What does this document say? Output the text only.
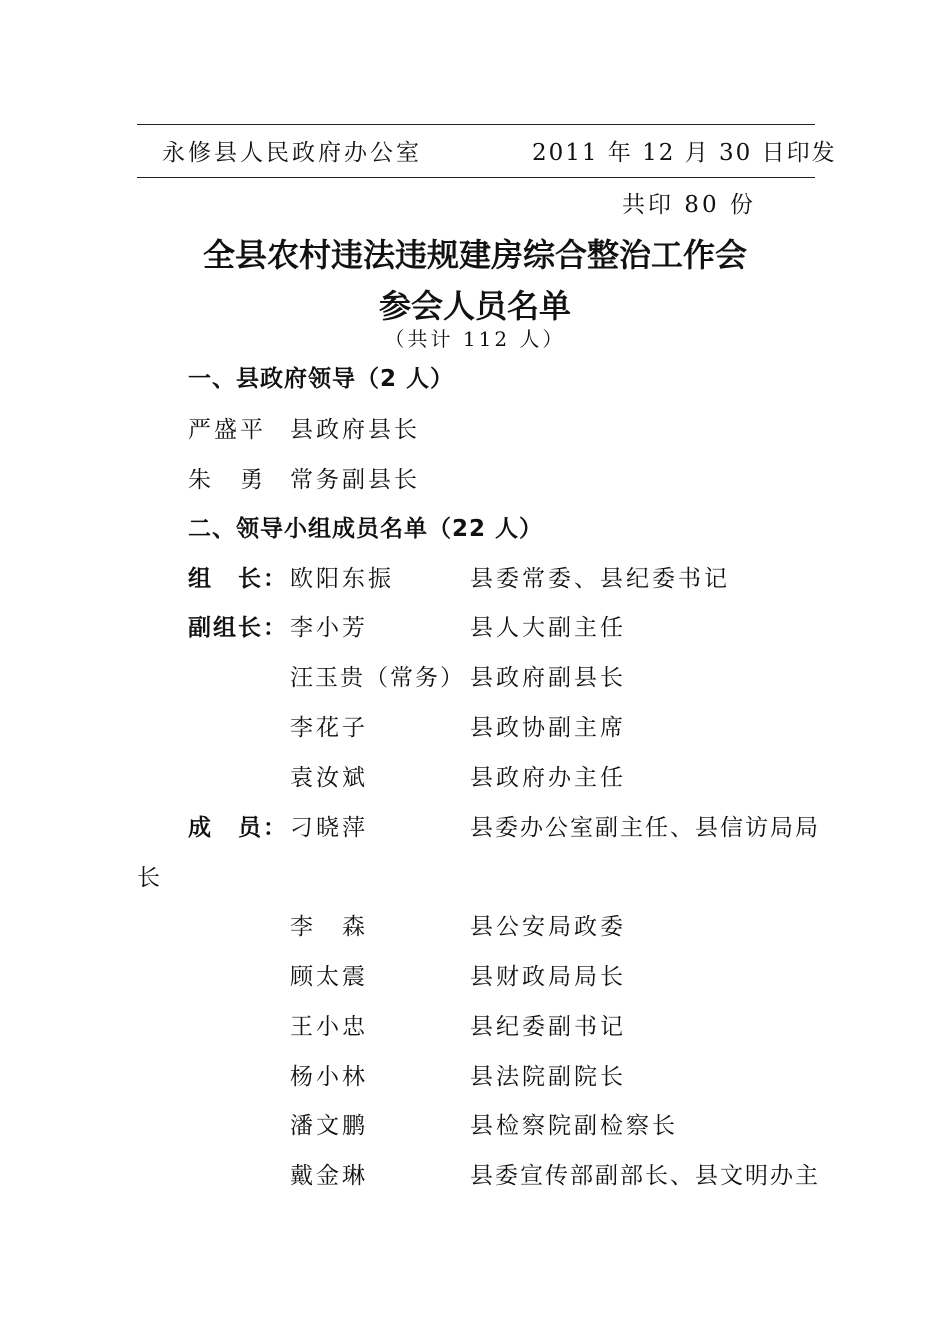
永修县人民政府办公室	2011 年 12 月 30 日印发
共印 80 份
全县农村违法违规建房综合整治工作会
参会人员名单
（共计 112 人）
一、县政府领导（2 人）
严盛平 县政府县长
朱　勇 常务副县长
二、领导小组成员名单（22 人）
组　长： 欧阳东振	县委常委、县纪委书记
副组长： 李小芳	县人大副主任
汪玉贵（常务） 县政府副县长
李花子	县政协副主席
袁汝斌	县政府办主任
成　员： 刁晓萍	县委办公室副主任、县信访局局
长
李　森	县公安局政委
顾太震	县财政局局长
王小忠	县纪委副书记
杨小林	县法院副院长
潘文鹏	县检察院副检察长
戴金琳	县委宣传部副部长、县文明办主
